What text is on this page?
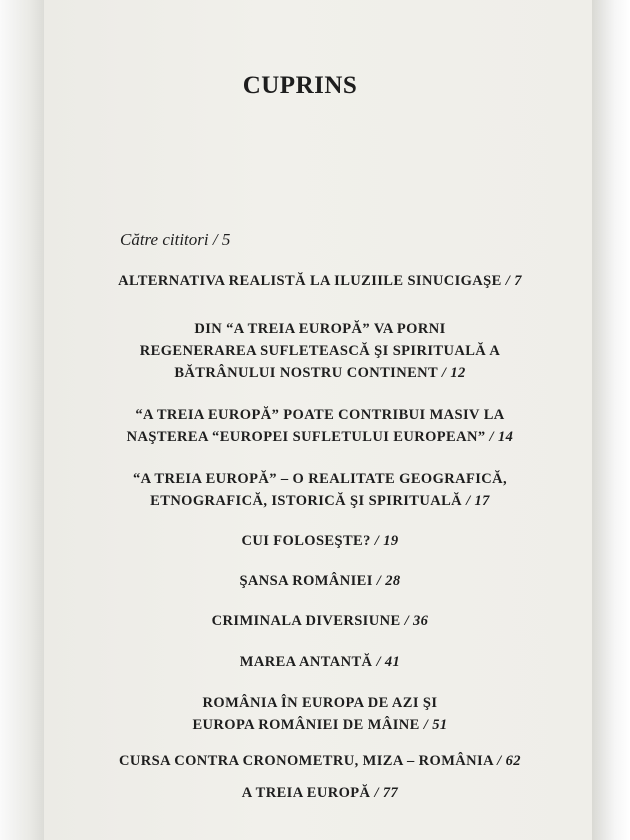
CUPRINS
Către cititori / 5
ALTERNATIVA REALISTĂ LA ILUZIILE SINUCIGAŞE / 7
DIN “A TREIA EUROPĂ” VA PORNI
REGENERAREA SUFLETEASCĂ ŞI SPIRITUALĂ A
BĂTRÂNULUI NOSTRU CONTINENT / 12
“A TREIA EUROPĂ” POATE CONTRIBUI MASIV LA
NAŞTEREA “EUROPEI SUFLETULUI EUROPEAN” / 14
“A TREIA EUROPĂ” – O REALITATE GEOGRAFICĂ,
ETNOGRAFICĂ, ISTORICĂ ŞI SPIRITUALĂ / 17
CUI FOLOSEŞTE? / 19
ŞANSA ROMÂNIEI / 28
CRIMINALA DIVERSIUNE / 36
MAREA ANTANTĂ / 41
ROMÂNIA ÎN EUROPA DE AZI ŞI
EUROPA ROMÂNIEI DE MÂINE / 51
CURSA CONTRA CRONOMETRU, MIZA – ROMÂNIA / 62
A TREIA EUROPĂ / 77
